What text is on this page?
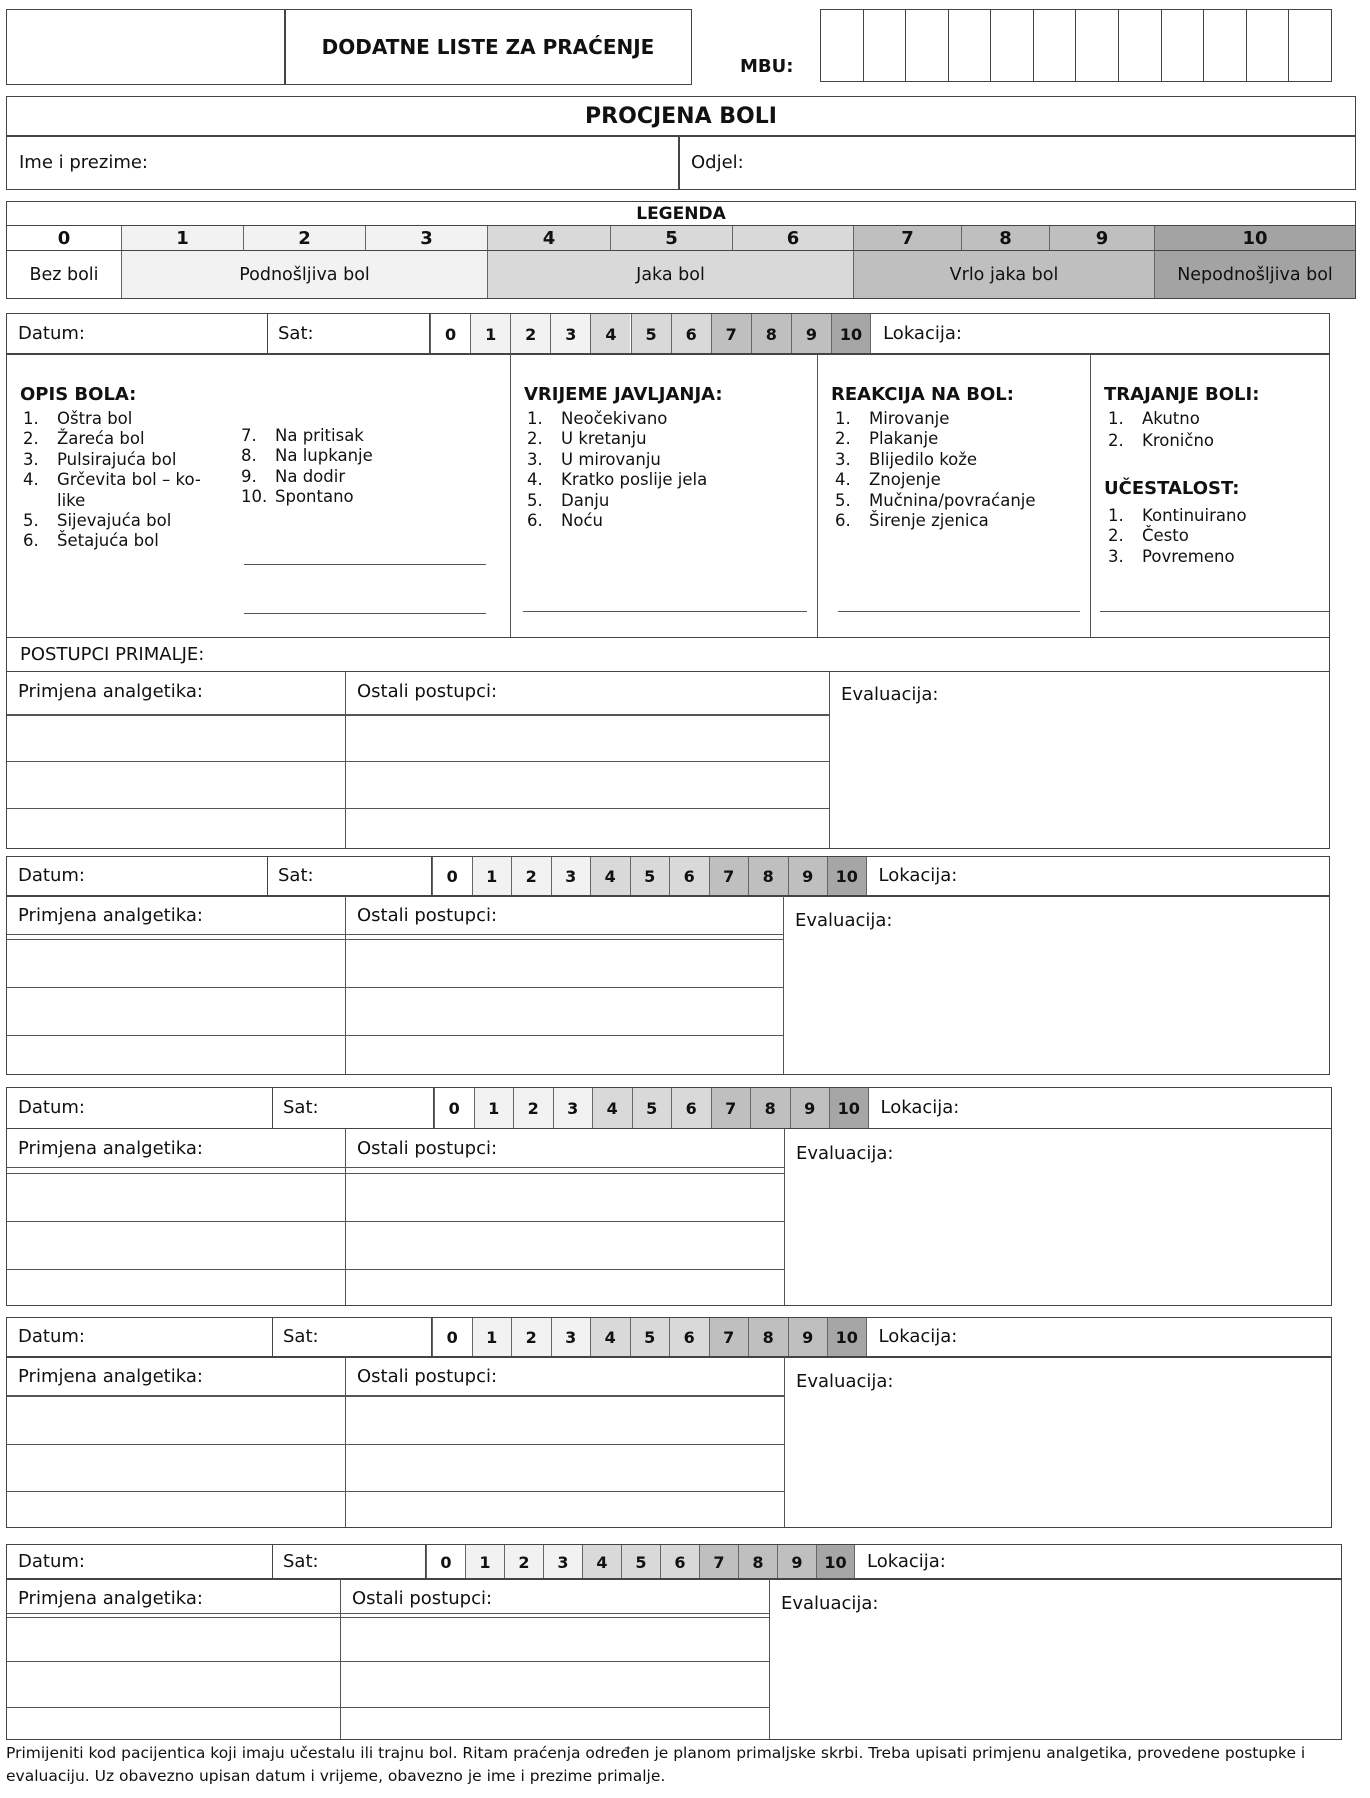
DODATNE LISTE ZA PRAĆENJE
MBU:
PROCJENA BOLI
Ime i prezime:	Odjel:
LEGENDA
0	1	2	3	4	5	6	7	8	9	10
Bez boli	Podnošljiva bol	Jaka bol	Vrlo jaka bol	Nepodnošljiva bol
Datum:	Sat:	0	1	2	3	4	5	6	7	8	9	10	Lokacija:
Primjena analgetika:	Ostali postupci:	Evaluacija:
OPIS BOLA:
1. Oštra bol
2. Žareća bol
3. Pulsirajuća bol
4. Grčevita bol – ko-
like
5. Sijevajuća bol
6. Šetajuća bol
7. Na pritisak
8. Na lupkanje
9. Na dodir
10. Spontano
VRIJEME JAVLJANJA:
1. Neočekivano
2. U kretanju
3. U mirovanju
4. Kratko poslije jela
5. Danju
6. Noću
REAKCIJA NA BOL:
1. Mirovanje
2. Plakanje
3. Blijedilo kože
4. Znojenje
5. Mučnina/povraćanje
6. Širenje zjenica
TRAJANJE BOLI:
1. Akutno
2. Kronično
UČESTALOST:
1. Kontinuirano
2. Često
3. Povremeno
POSTUPCI PRIMALJE:
Datum:	Sat:	0	1	2	3	4	5	6	7	8	9	10	Lokacija:
Primjena analgetika:	Ostali postupci:	Evaluacija:
Datum:	Sat:	0	1	2	3	4	5	6	7	8	9	10	Lokacija:
Primjena analgetika:	Ostali postupci:	Evaluacija:
Datum:	Sat:	0	1	2	3	4	5	6	7	8	9	10	Lokacija:
Primjena analgetika:	Ostali postupci:	Evaluacija:
Datum:	Sat:	0	1	2	3	4	5	6	7	8	9	10	Lokacija:
Primjena analgetika:	Ostali postupci:	Evaluacija:
Primijeniti kod pacijentica koji imaju učestalu ili trajnu bol. Ritam praćenja određen je planom primaljske skrbi. Treba upisati primjenu analgetika, provedene postupke i evaluaciju. Uz obavezno upisan datum i vrijeme, obavezno je ime i prezime primalje.
